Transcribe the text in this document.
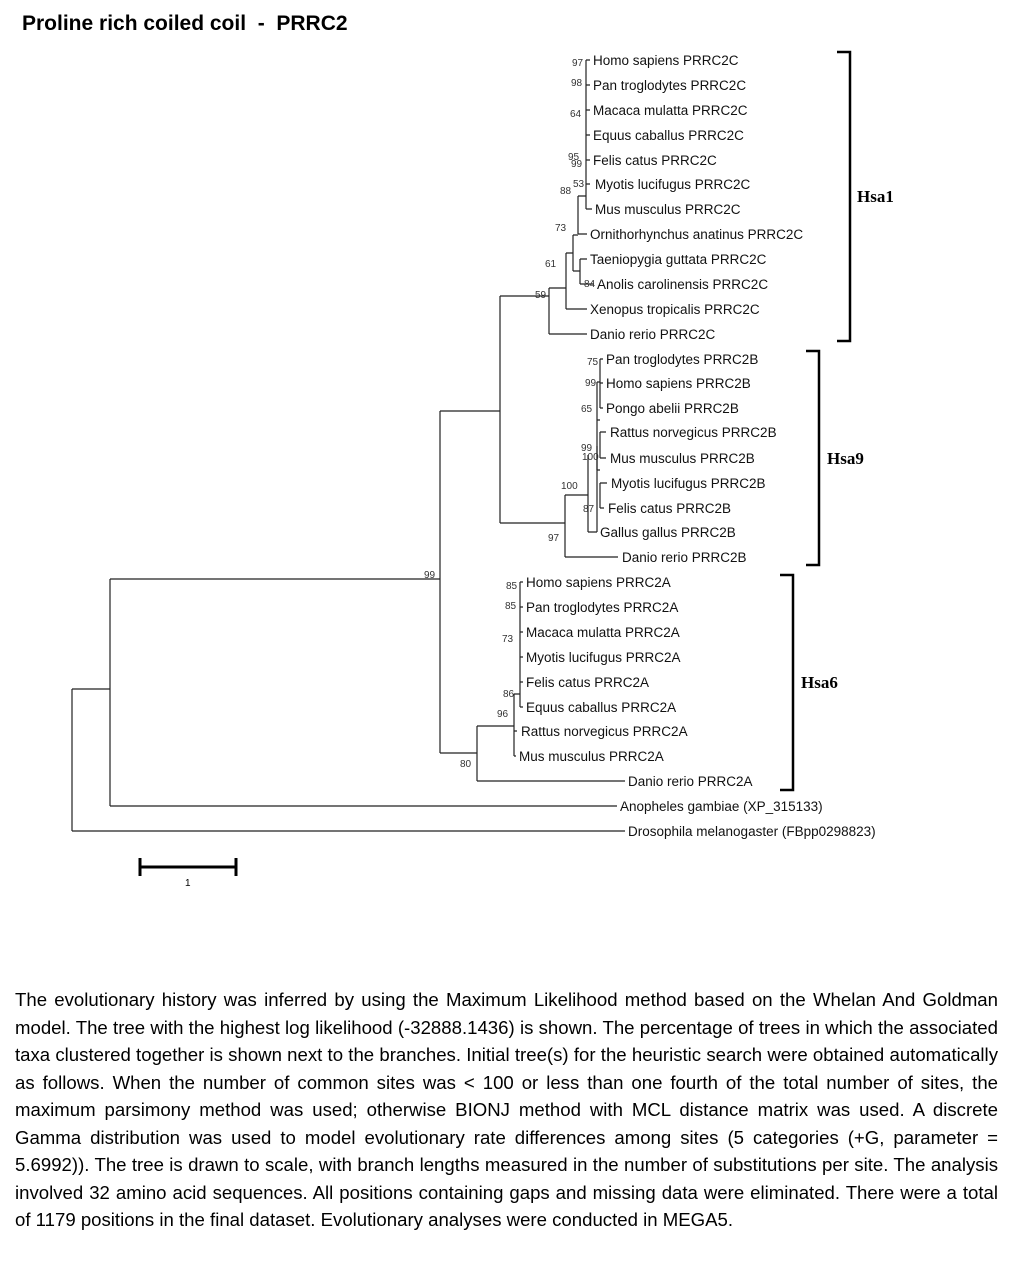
Proline rich coiled coil  -  PRRC2
Homo sapiens PRRC2C
Pan troglodytes PRRC2C
Macaca mulatta PRRC2C
Equus caballus PRRC2C
Felis catus PRRC2C
Myotis lucifugus PRRC2C
Mus musculus PRRC2C
Ornithorhynchus anatinus PRRC2C
Taeniopygia guttata PRRC2C
Anolis carolinensis PRRC2C
Xenopus tropicalis PRRC2C
Danio rerio PRRC2C
Pan troglodytes PRRC2B
Homo sapiens PRRC2B
Pongo abelii PRRC2B
Rattus norvegicus PRRC2B
Mus musculus PRRC2B
Myotis lucifugus PRRC2B
Felis catus PRRC2B
Gallus gallus PRRC2B
Danio rerio PRRC2B
Homo sapiens PRRC2A
Pan troglodytes PRRC2A
Macaca mulatta PRRC2A
Myotis lucifugus PRRC2A
Felis catus PRRC2A
Equus caballus PRRC2A
Rattus norvegicus PRRC2A
Mus musculus PRRC2A
Danio rerio PRRC2A
Anopheles gambiae (XP_315133)
Drosophila melanogaster (FBpp0298823)
97
98
64
95
99
53
88
73
61
84
59
75
99
65
99
100
100
87
97
99
85
85
73
86
96
80
Hsa1
Hsa9
Hsa6
1
The evolutionary history was inferred by using the Maximum Likelihood method based on the Whelan And Goldman model. The tree with the highest log likelihood (-32888.1436) is shown. The percentage of trees in which the associated taxa clustered together is shown next to the branches. Initial tree(s) for the heuristic search were obtained automatically as follows. When the number of common sites was < 100 or less than one fourth of the total number of sites, the maximum parsimony method was used; otherwise BIONJ method with MCL distance matrix was used. A discrete Gamma distribution was used to model evolutionary rate differences among sites (5 categories (+G, parameter = 5.6992)). The tree is drawn to scale, with branch lengths measured in the number of substitutions per site. The analysis involved 32 amino acid sequences. All positions containing gaps and missing data were eliminated. There were a total of 1179 positions in the final dataset. Evolutionary analyses were conducted in MEGA5.
